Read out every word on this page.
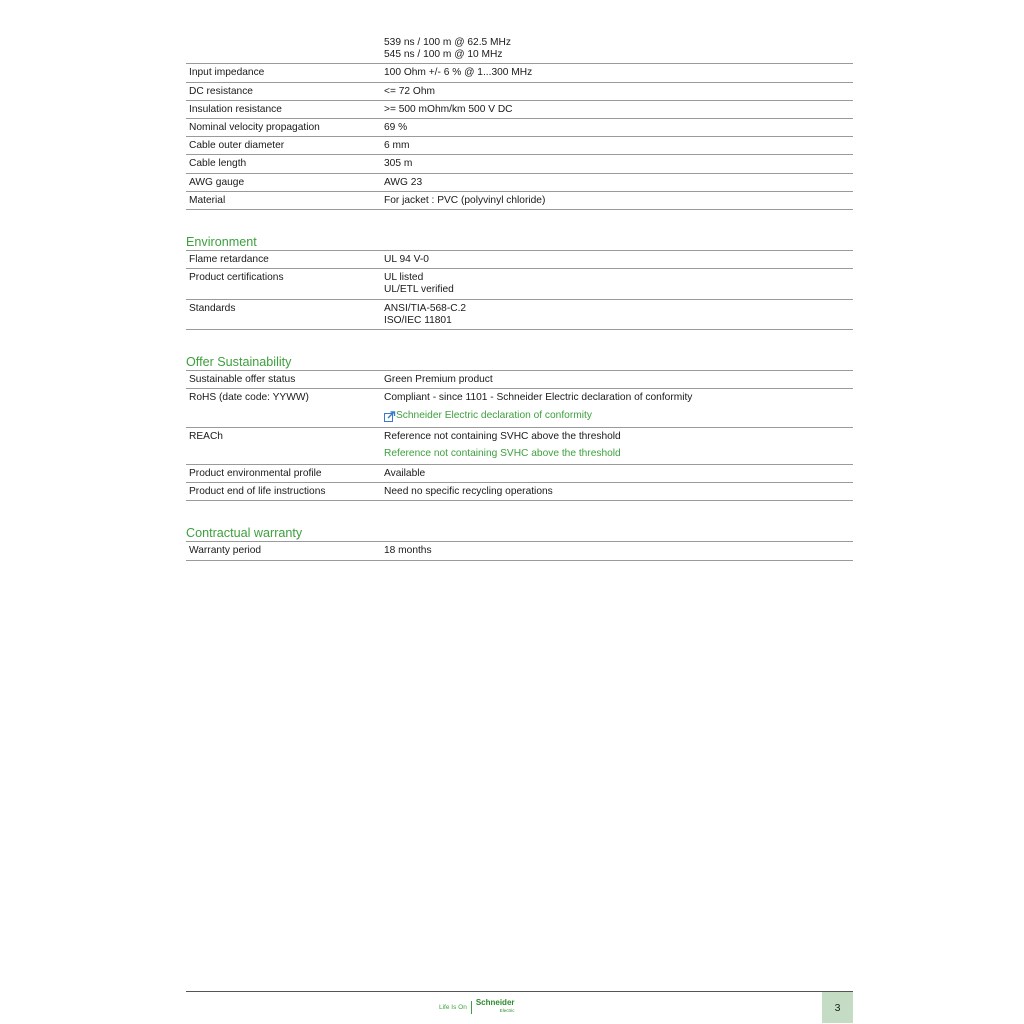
539 ns / 100 m @ 62.5 MHz
545 ns / 100 m @ 10 MHz
Input impedance	100 Ohm +/- 6 % @ 1...300 MHz
DC resistance	<= 72 Ohm
Insulation resistance	>= 500 mOhm/km 500 V DC
Nominal velocity propagation	69 %
Cable outer diameter	6 mm
Cable length	305 m
AWG gauge	AWG 23
Material	For jacket : PVC (polyvinyl chloride)
Environment
Flame retardance	UL 94 V-0
Product certifications	UL listed
UL/ETL verified
Standards	ANSI/TIA-568-C.2
ISO/IEC 11801
Offer Sustainability
Sustainable offer status	Green Premium product
RoHS (date code: YYWW)	Compliant - since 1101 - Schneider Electric declaration of conformity
Schneider Electric declaration of conformity
REACh	Reference not containing SVHC above the threshold
Reference not containing SVHC above the threshold
Product environmental profile	Available
Product end of life instructions	Need no specific recycling operations
Contractual warranty
Warranty period	18 months
Life Is On Schneider
Electric	3
